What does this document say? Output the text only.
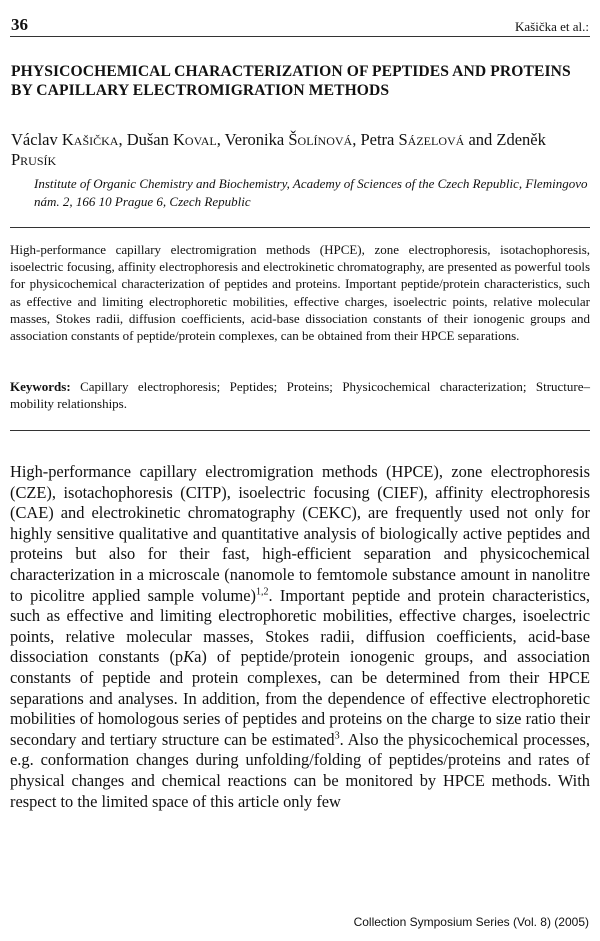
36	Kašička et al.:
PHYSICOCHEMICAL CHARACTERIZATION OF PEPTIDES AND PROTEINS BY CAPILLARY ELECTROMIGRATION METHODS
Václav Kašička, Dušan Koval, Veronika Šolínová, Petra Sázelová and Zdeněk Prusík
Institute of Organic Chemistry and Biochemistry, Academy of Sciences of the Czech Republic, Flemingovo nám. 2, 166 10 Prague 6, Czech Republic
High-performance capillary electromigration methods (HPCE), zone electrophoresis, isotachophoresis, isoelectric focusing, affinity electrophoresis and electrokinetic chromatography, are presented as powerful tools for physicochemical characterization of peptides and proteins. Important peptide/protein characteristics, such as effective and limiting electrophoretic mobilities, effective charges, isoelectric points, relative molecular masses, Stokes radii, diffusion coefficients, acid-base dissociation constants of their ionogenic groups and association constants of peptide/protein complexes, can be obtained from their HPCE separations.
Keywords: Capillary electrophoresis; Peptides; Proteins; Physicochemical characterization; Structure–mobility relationships.
High-performance capillary electromigration methods (HPCE), zone electrophoresis (CZE), isotachophoresis (CITP), isoelectric focusing (CIEF), affinity electrophoresis (CAE) and electrokinetic chromatography (CEKC), are frequently used not only for highly sensitive qualitative and quantitative analysis of biologically active peptides and proteins but also for their fast, high-efficient separation and physicochemical characterization in a microscale (nanomole to femtomole substance amount in nanolitre to picolitre applied sample volume)$^{1,2}$. Important peptide and protein characteristics, such as effective and limiting electrophoretic mobilities, effective charges, isoelectric points, relative molecular masses, Stokes radii, diffusion coefficients, acid-base dissociation constants (pKa) of peptide/protein ionogenic groups, and association constants of peptide and protein complexes, can be determined from their HPCE separations and analyses. In addition, from the dependence of effective electrophoretic mobilities of homologous series of peptides and proteins on the charge to size ratio their secondary and tertiary structure can be estimated$^3$. Also the physicochemical processes, e.g. conformation changes during unfolding/folding of peptides/proteins and rates of physical changes and chemical reactions can be monitored by HPCE methods. With respect to the limited space of this article only few
Collection Symposium Series (Vol. 8) (2005)
